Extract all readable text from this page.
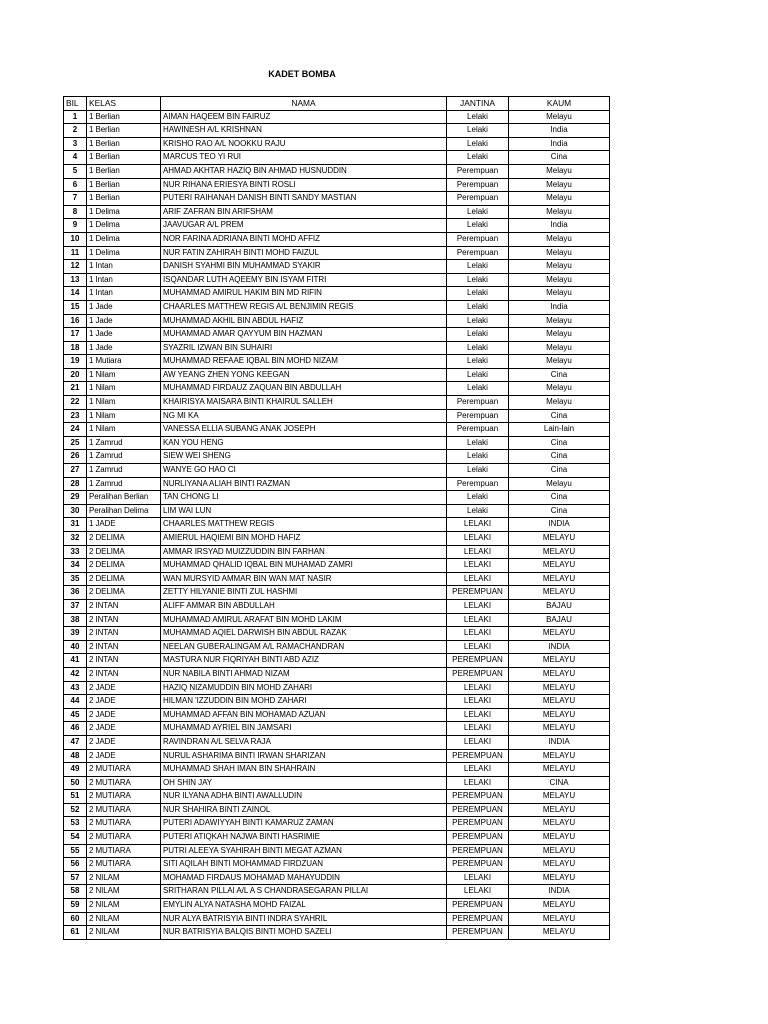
KADET BOMBA
BIL	KELAS	NAMA	JANTINA	KAUM
1	1 Berlian	AIMAN HAQEEM BIN FAIRUZ	Lelaki	Melayu
2	1 Berlian	HAWINESH A/L KRISHNAN	Lelaki	India
3	1 Berlian	KRISHO RAO A/L NOOKKU RAJU	Lelaki	India
4	1 Berlian	MARCUS TEO YI RUI	Lelaki	Cina
5	1 Berlian	AHMAD AKHTAR HAZIQ BIN AHMAD HUSNUDDIN	Perempuan	Melayu
6	1 Berlian	NUR RIHANA ERIESYA BINTI ROSLI	Perempuan	Melayu
7	1 Berlian	PUTERI RAIHANAH DANISH BINTI SANDY MASTIAN	Perempuan	Melayu
8	1 Delima	ARIF ZAFRAN BIN ARIFSHAM	Lelaki	Melayu
9	1 Delima	JAAVUGAR A/L PREM	Lelaki	India
10	1 Delima	NOR FARINA ADRIANA BINTI MOHD AFFIZ	Perempuan	Melayu
11	1 Delima	NUR FATIN ZAHIRAH BINTI MOHD FAIZUL	Perempuan	Melayu
12	1 Intan	DANISH SYAHMI BIN MUHAMMAD SYAKIR	Lelaki	Melayu
13	1 Intan	ISQANDAR LUTH AQEEMY BIN ISYAM FITRI	Lelaki	Melayu
14	1 Intan	MUHAMMAD AMIRUL HAKIM BIN MD RIFIN	Lelaki	Melayu
15	1 Jade	CHAARLES MATTHEW REGIS A/L BENJIMIN REGIS	Lelaki	India
16	1 Jade	MUHAMMAD AKHIL BIN ABDUL HAFIZ	Lelaki	Melayu
17	1 Jade	MUHAMMAD AMAR QAYYUM BIN HAZMAN	Lelaki	Melayu
18	1 Jade	SYAZRIL IZWAN BIN SUHAIRI	Lelaki	Melayu
19	1 Mutiara	MUHAMMAD REFAAE IQBAL BIN MOHD NIZAM	Lelaki	Melayu
20	1 Nilam	AW YEANG ZHEN YONG KEEGAN	Lelaki	Cina
21	1 Nilam	MUHAMMAD FIRDAUZ ZAQUAN BIN ABDULLAH	Lelaki	Melayu
22	1 Nilam	KHAIRISYA MAISARA BINTI KHAIRUL SALLEH	Perempuan	Melayu
23	1 Nilam	NG MI KA	Perempuan	Cina
24	1 Nilam	VANESSA ELLIA SUBANG ANAK JOSEPH	Perempuan	Lain-lain
25	1 Zamrud	KAN YOU HENG	Lelaki	Cina
26	1 Zamrud	SIEW WEI SHENG	Lelaki	Cina
27	1 Zamrud	WANYE GO HAO CI	Lelaki	Cina
28	1 Zamrud	NURLIYANA ALIAH BINTI RAZMAN	Perempuan	Melayu
29	Peralihan Berlian	TAN CHONG LI	Lelaki	Cina
30	Peralihan Delima	LIM WAI LUN	Lelaki	Cina
31	1 JADE	CHAARLES MATTHEW REGIS	LELAKI	INDIA
32	2 DELIMA	AMIERUL HAQIEMI BIN MOHD HAFIZ	LELAKI	MELAYU
33	2 DELIMA	AMMAR IRSYAD MUIZZUDDIN BIN FARHAN	LELAKI	MELAYU
34	2 DELIMA	MUHAMMAD QHALID IQBAL BIN MUHAMAD ZAMRI	LELAKI	MELAYU
35	2 DELIMA	WAN MURSYID AMMAR BIN WAN MAT NASIR	LELAKI	MELAYU
36	2 DELIMA	ZETTY HILYANIE BINTI ZUL HASHMI	PEREMPUAN	MELAYU
37	2 INTAN	ALIFF AMMAR BIN ABDULLAH	LELAKI	BAJAU
38	2 INTAN	MUHAMMAD AMIRUL ARAFAT BIN MOHD LAKIM	LELAKI	BAJAU
39	2 INTAN	MUHAMMAD AQIEL DARWISH BIN ABDUL RAZAK	LELAKI	MELAYU
40	2 INTAN	NEELAN GUBERALINGAM A/L RAMACHANDRAN	LELAKI	INDIA
41	2 INTAN	MASTURA NUR FIQRIYAH BINTI ABD AZIZ	PEREMPUAN	MELAYU
42	2 INTAN	NUR NABILA BINTI AHMAD NIZAM	PEREMPUAN	MELAYU
43	2 JADE	HAZIQ NIZAMUDDIN BIN MOHD ZAHARI	LELAKI	MELAYU
44	2 JADE	HILMAN 'IZZUDDIN BIN MOHD ZAHARI	LELAKI	MELAYU
45	2 JADE	MUHAMMAD AFFAN BIN MOHAMAD AZUAN	LELAKI	MELAYU
46	2 JADE	MUHAMMAD AYRIEL BIN JAMSARI	LELAKI	MELAYU
47	2 JADE	RAVINDRAN A/L SELVA RAJA	LELAKI	INDIA
48	2 JADE	NURUL ASHARIMA BINTI IRWAN SHARIZAN	PEREMPUAN	MELAYU
49	2 MUTIARA	MUHAMMAD SHAH IMAN BIN SHAHRAIN	LELAKI	MELAYU
50	2 MUTIARA	OH SHIN JAY	LELAKI	CINA
51	2 MUTIARA	NUR ILYANA ADHA BINTI AWALLUDIN	PEREMPUAN	MELAYU
52	2 MUTIARA	NUR SHAHIRA BINTI ZAINOL	PEREMPUAN	MELAYU
53	2 MUTIARA	PUTERI ADAWIYYAH BINTI KAMARUZ ZAMAN	PEREMPUAN	MELAYU
54	2 MUTIARA	PUTERI ATIQKAH NAJWA BINTI HASRIMIE	PEREMPUAN	MELAYU
55	2 MUTIARA	PUTRI ALEEYA SYAHIRAH BINTI MEGAT AZMAN	PEREMPUAN	MELAYU
56	2 MUTIARA	SITI AQILAH BINTI MOHAMMAD FIRDZUAN	PEREMPUAN	MELAYU
57	2 NILAM	MOHAMAD FIRDAUS MOHAMAD MAHAYUDDIN	LELAKI	MELAYU
58	2 NILAM	SRITHARAN PILLAI A/L A S CHANDRASEGARAN PILLAI	LELAKI	INDIA
59	2 NILAM	EMYLIN ALYA NATASHA MOHD FAIZAL	PEREMPUAN	MELAYU
60	2 NILAM	NUR ALYA BATRISYIA BINTI INDRA SYAHRIL	PEREMPUAN	MELAYU
61	2 NILAM	NUR BATRISYIA BALQIS BINTI MOHD SAZELI	PEREMPUAN	MELAYU
